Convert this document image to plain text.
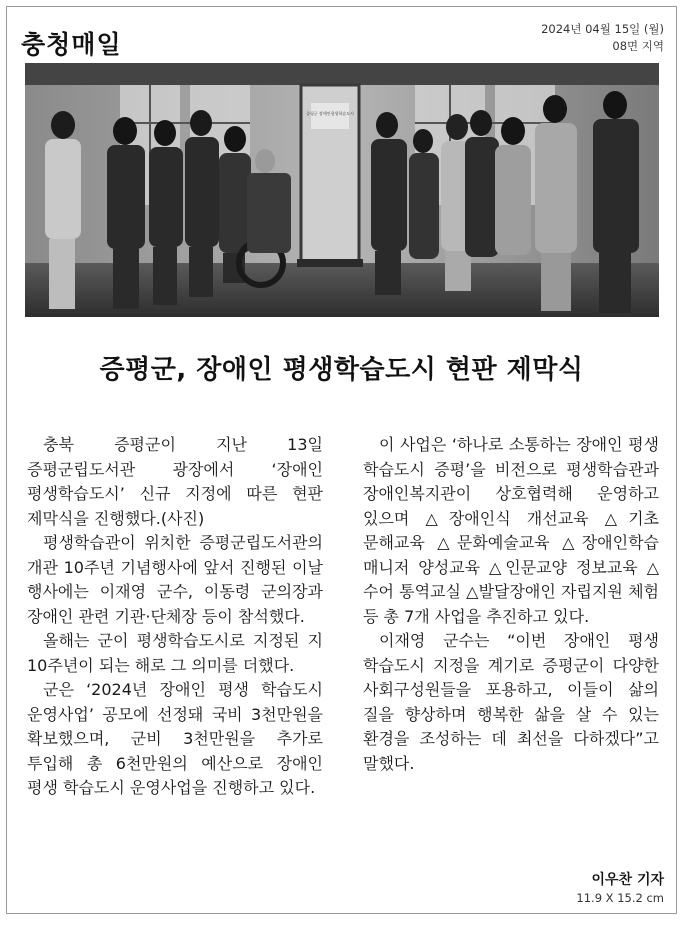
충청매일
2024년 04월 15일 (월)
08면 지역
증평군 장애인평생학습도시
증평군, 장애인 평생학습도시 현판 제막식

충북 증평군이 지난 13일 증평군립도서관 광장에서 ‘장애인 평생학습도시’ 신규 지정에 따른 현판 제막식을 진행했다.(사진)

평생학습관이 위치한 증평군립도서관의 개관 10주년 기념행사에 앞서 진행된 이날 행사에는 이재영 군수, 이동령 군의장과 장애인 관련 기관·단체장 등이 참석했다.

올해는 군이 평생학습도시로 지정된 지 10주년이 되는 해로 그 의미를 더했다.

군은 ‘2024년 장애인 평생 학습도시 운영사업’ 공모에 선정돼 국비 3천만원을 확보했으며, 군비 3천만원을 추가로 투입해 총 6천만원의 예산으로 장애인 평생 학습도시 운영사업을 진행하고 있다.

이 사업은 ‘하나로 소통하는 장애인 평생 학습도시 증평’을 비전으로 평생학습관과 장애인복지관이 상호협력해 운영하고 있으며 △장애인식 개선교육 △기초 문해교육 △문화예술교육 △장애인학습 매니저 양성교육 △인문교양 정보교육 △수어 통역교실 △발달장애인 자립지원 체험 등 총 7개 사업을 추진하고 있다.

이재영 군수는 “이번 장애인 평생 학습도시 지정을 계기로 증평군이 다양한 사회구성원들을 포용하고, 이들이 삶의 질을 향상하며 행복한 삶을 살 수 있는 환경을 조성하는 데 최선을 다하겠다”고 말했다.

이우찬 기자
11.9 X 15.2 cm
